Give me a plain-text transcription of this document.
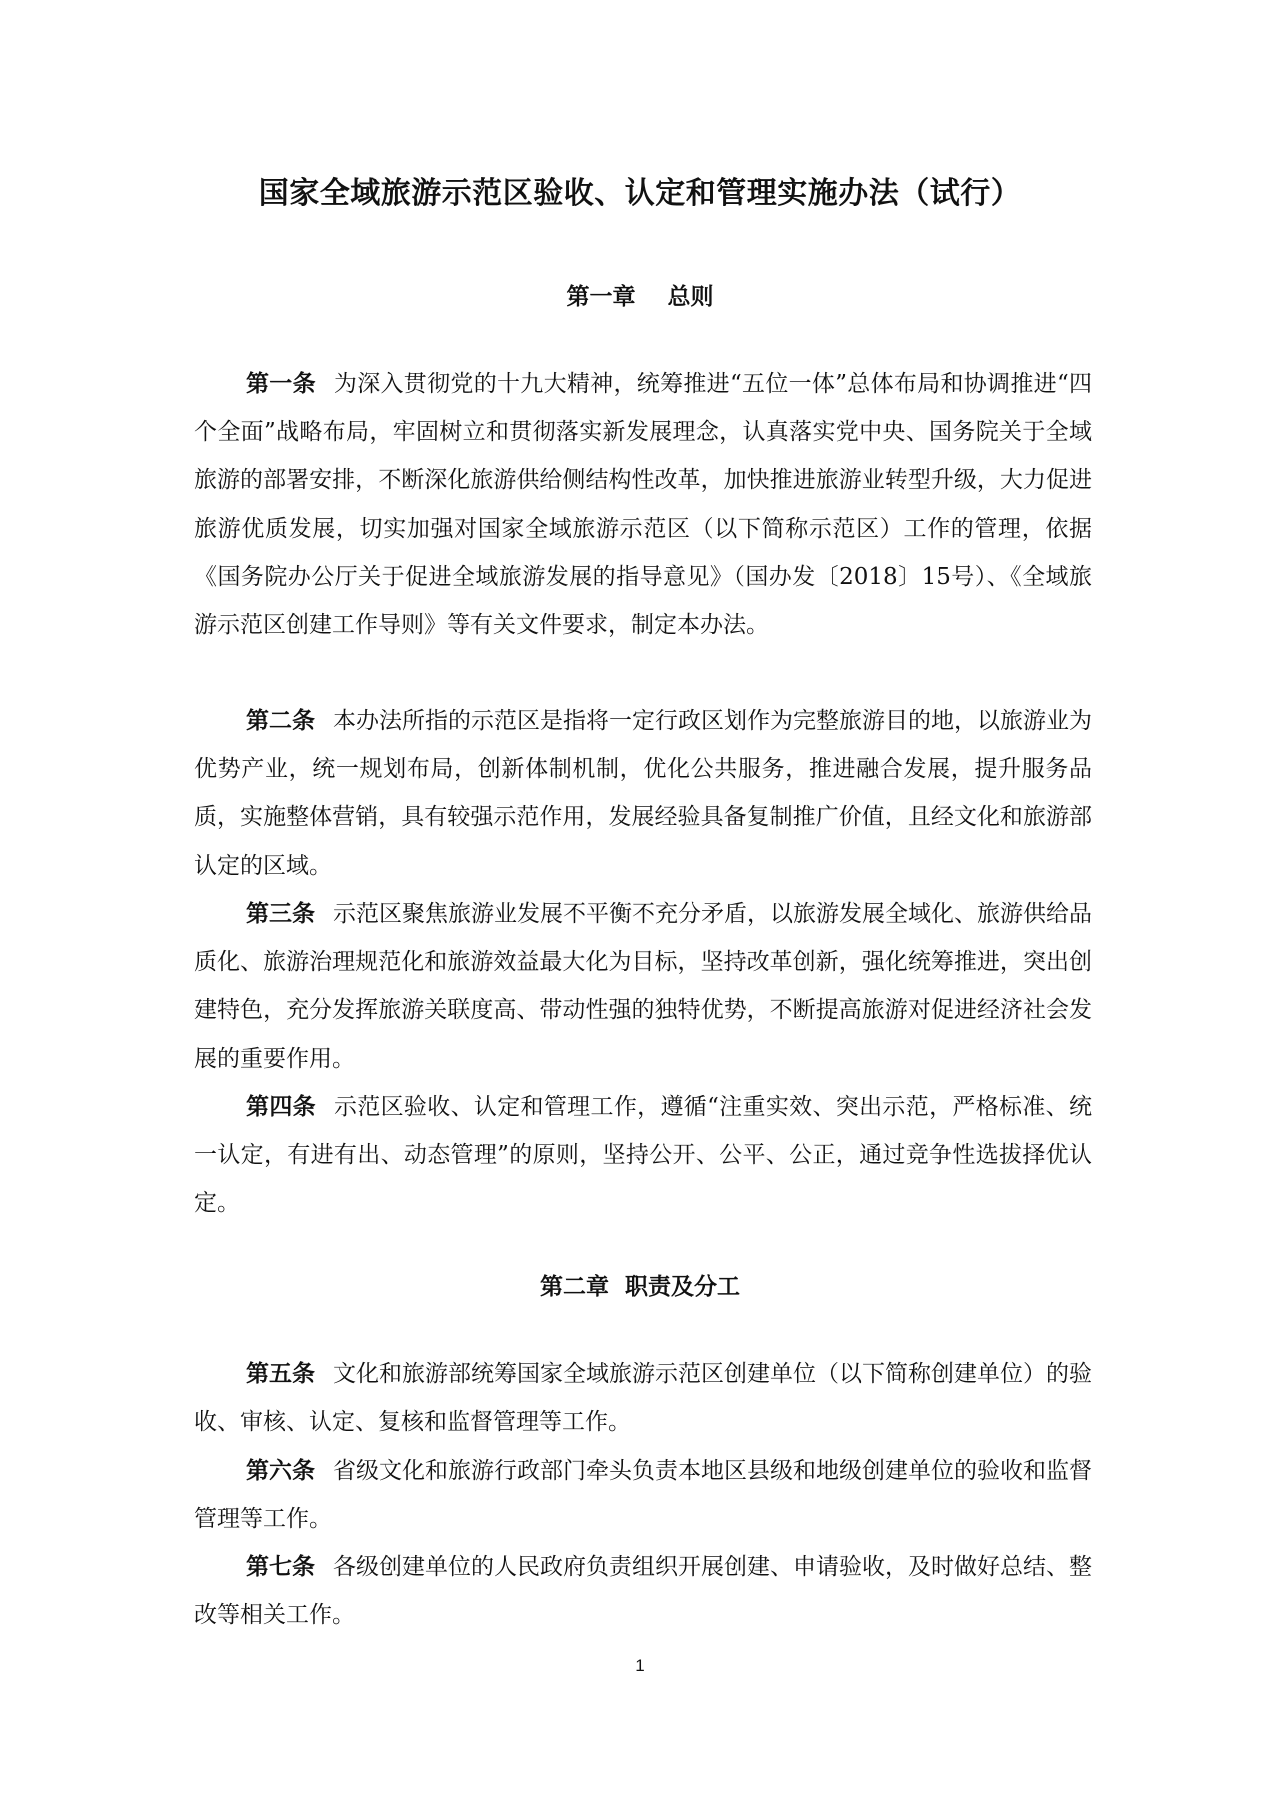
国家全域旅游示范区验收、认定和管理实施办法（试行）
第一章    总则

第一条 为深入贯彻党的十九大精神，统筹推进“五位一体”总体布局和协调推进“四个全面”战略布局，牢固树立和贯彻落实新发展理念，认真落实党中央、国务院关于全域旅游的部署安排，不断深化旅游供给侧结构性改革，加快推进旅游业转型升级，大力促进旅游优质发展，切实加强对国家全域旅游示范区（以下简称示范区）工作的管理，依据《国务院办公厅关于促进全域旅游发展的指导意见》（国办发〔2018〕15号）、《全域旅游示范区创建工作导则》等有关文件要求，制定本办法。

第二条 本办法所指的示范区是指将一定行政区划作为完整旅游目的地，以旅游业为优势产业，统一规划布局，创新体制机制，优化公共服务，推进融合发展，提升服务品质，实施整体营销，具有较强示范作用，发展经验具备复制推广价值，且经文化和旅游部认定的区域。

第三条 示范区聚焦旅游业发展不平衡不充分矛盾，以旅游发展全域化、旅游供给品质化、旅游治理规范化和旅游效益最大化为目标，坚持改革创新，强化统筹推进，突出创建特色，充分发挥旅游关联度高、带动性强的独特优势，不断提高旅游对促进经济社会发展的重要作用。

第四条 示范区验收、认定和管理工作，遵循“注重实效、突出示范，严格标准、统一认定，有进有出、动态管理”的原则，坚持公开、公平、公正，通过竞争性选拔择优认定。

第二章  职责及分工

第五条 文化和旅游部统筹国家全域旅游示范区创建单位（以下简称创建单位）的验收、审核、认定、复核和监督管理等工作。

第六条 省级文化和旅游行政部门牵头负责本地区县级和地级创建单位的验收和监督管理等工作。

第七条 各级创建单位的人民政府负责组织开展创建、申请验收，及时做好总结、整改等相关工作。

1
